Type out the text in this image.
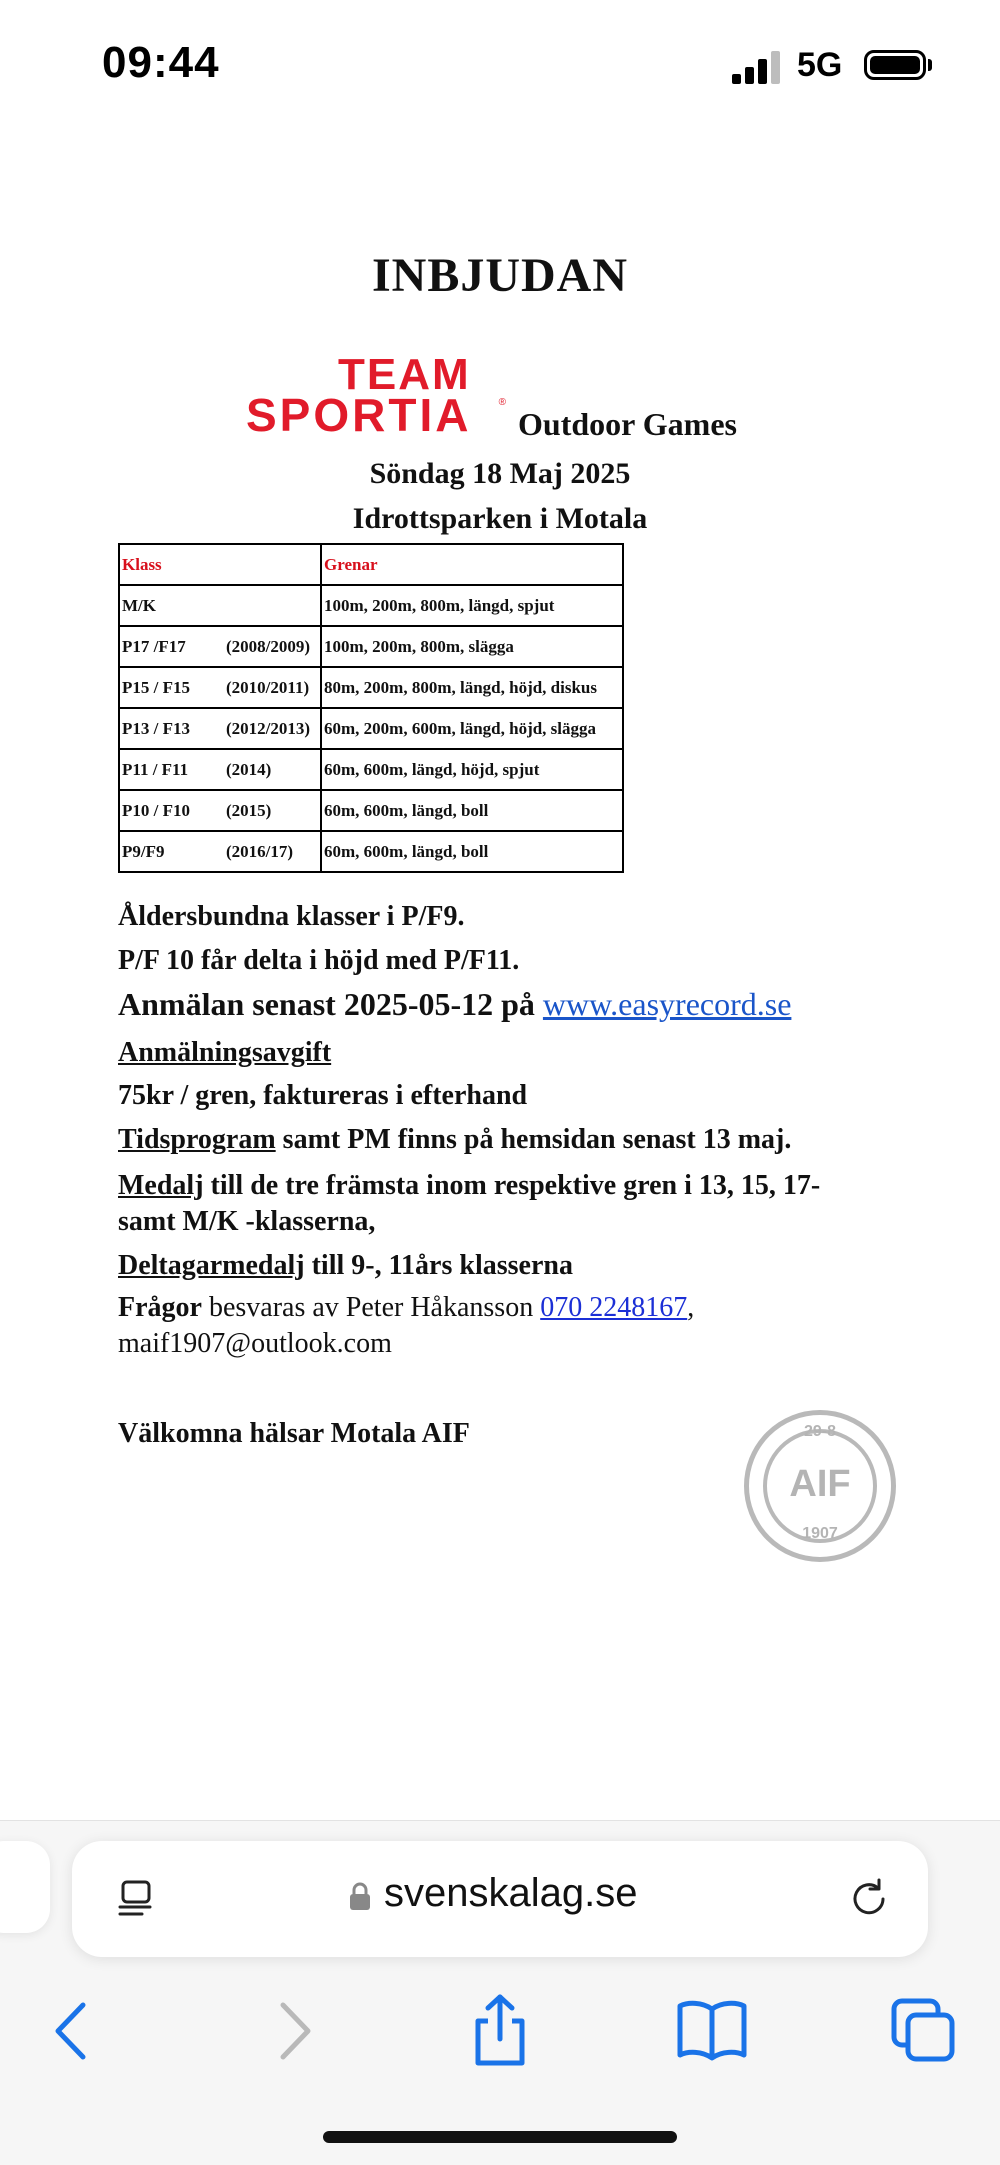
09:44	5G
INBJUDAN
TEAM
SPORTIA	®
Outdoor Games
Söndag 18 Maj 2025
Idrottsparken i Motala
Klass	Grenar
M/K	100m, 200m, 800m, längd, spjut
P17 /F17 (2008/2009)	100m, 200m, 800m, slägga
P15 / F15 (2010/2011)	80m, 200m, 800m, längd, höjd, diskus
P13 / F13 (2012/2013)	60m, 200m, 600m, längd, höjd, slägga
P11 / F11 (2014)	60m, 600m, längd, höjd, spjut
P10 / F10 (2015)	60m, 600m, längd, boll
P9/F9 (2016/17)	60m, 600m, längd, boll
Åldersbundna klasser i P/F9.
P/F 10 får delta i höjd med P/F11.
Anmälan senast 2025-05-12 på www.easyrecord.se
Anmälningsavgift
75kr / gren, faktureras i efterhand
Tidsprogram samt PM finns på hemsidan senast 13 maj.
Medalj till de tre främsta inom respektive gren i 13, 15, 17-
samt M/K -klasserna,
Deltagarmedalj till 9-, 11års klasserna
Frågor besvaras av Peter Håkansson 070 2248167,
maif1907@outlook.com
Välkomna hälsar Motala AIF	29-8
AIF
1907
svenskalag.se
